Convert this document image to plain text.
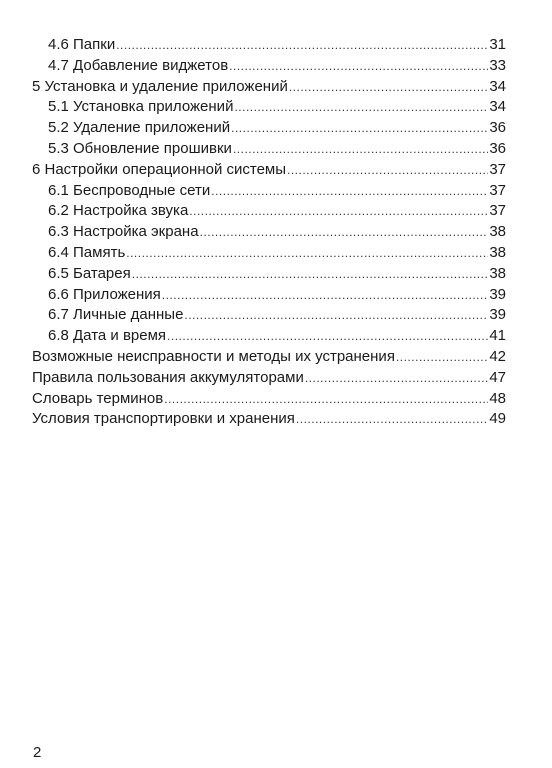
4.6 Папки .....	31
4.7 Добавление виджетов .....	33
5 Установка и удаление приложений .....	34
5.1 Установка приложений .....	34
5.2 Удаление приложений .....	36
5.3 Обновление прошивки .....	36
6 Настройки операционной системы .....	37
6.1 Беспроводные сети .....	37
6.2 Настройка звука .....	37
6.3 Настройка экрана .....	38
6.4 Память .....	38
6.5 Батарея .....	38
6.6 Приложения .....	39
6.7 Личные данные .....	39
6.8 Дата и время .....	41
Возможные неисправности и методы их устранения .....	42
Правила пользования аккумуляторами .....	47
Словарь терминов .....	48
Условия транспортировки и хранения .....	49
2
